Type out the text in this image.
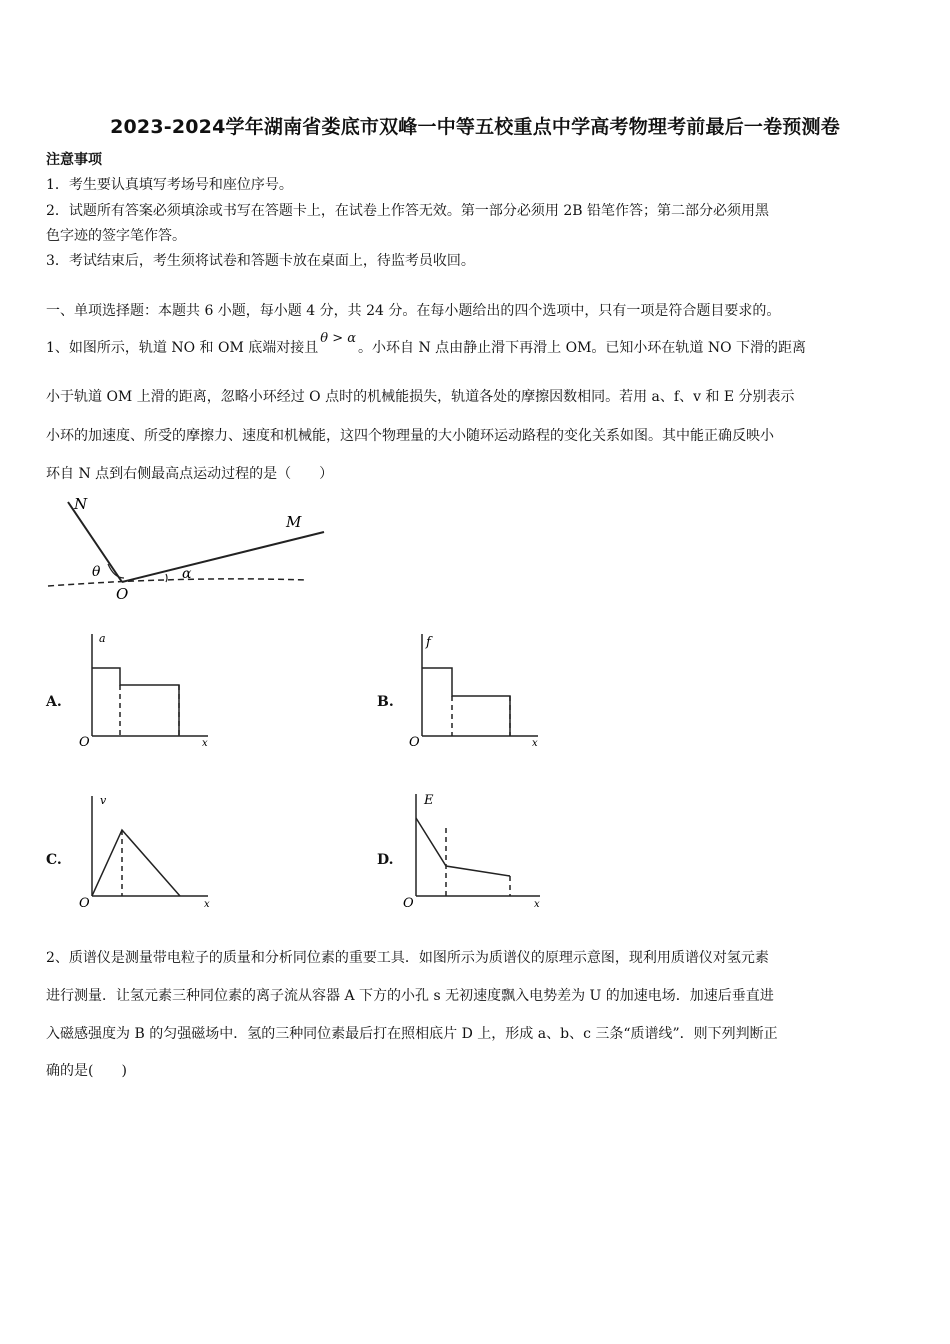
2023-2024学年湖南省娄底市双峰一中等五校重点中学高考物理考前最后一卷预测卷
注意事项
1．考生要认真填写考场号和座位序号。
2．试题所有答案必须填涂或书写在答题卡上，在试卷上作答无效。第一部分必须用 2B 铅笔作答；第二部分必须用黑
色字迹的签字笔作答。
3．考试结束后，考生须将试卷和答题卡放在桌面上，待监考员收回。
一、单项选择题：本题共 6 小题，每小题 4 分，共 24 分。在每小题给出的四个选项中，只有一项是符合题目要求的。
1、如图所示，轨道 NO 和 OM 底端对接且θ > α。小环自 N 点由静止滑下再滑上 OM。已知小环在轨道 NO 下滑的距离
小于轨道 OM 上滑的距离，忽略小环经过 O 点时的机械能损失，轨道各处的摩擦因数相同。若用 a、f、v 和 E 分别表示
小环的加速度、所受的摩擦力、速度和机械能，这四个物理量的大小随环运动路程的变化关系如图。其中能正确反映小
环自 N 点到右侧最高点运动过程的是（　　）
N
M
O
θ	α
A.
a
x
O
B.
f
x
O
C.
v
x
O
D.
E
x
O
2、质谱仪是测量带电粒子的质量和分析同位素的重要工具．如图所示为质谱仪的原理示意图，现利用质谱仪对氢元素
进行测量．让氢元素三种同位素的离子流从容器 A 下方的小孔 s 无初速度飘入电势差为 U 的加速电场．加速后垂直进
入磁感强度为 B 的匀强磁场中．氢的三种同位素最后打在照相底片 D 上，形成 a、b、c 三条“质谱线”．则下列判断正
确的是(　　)
